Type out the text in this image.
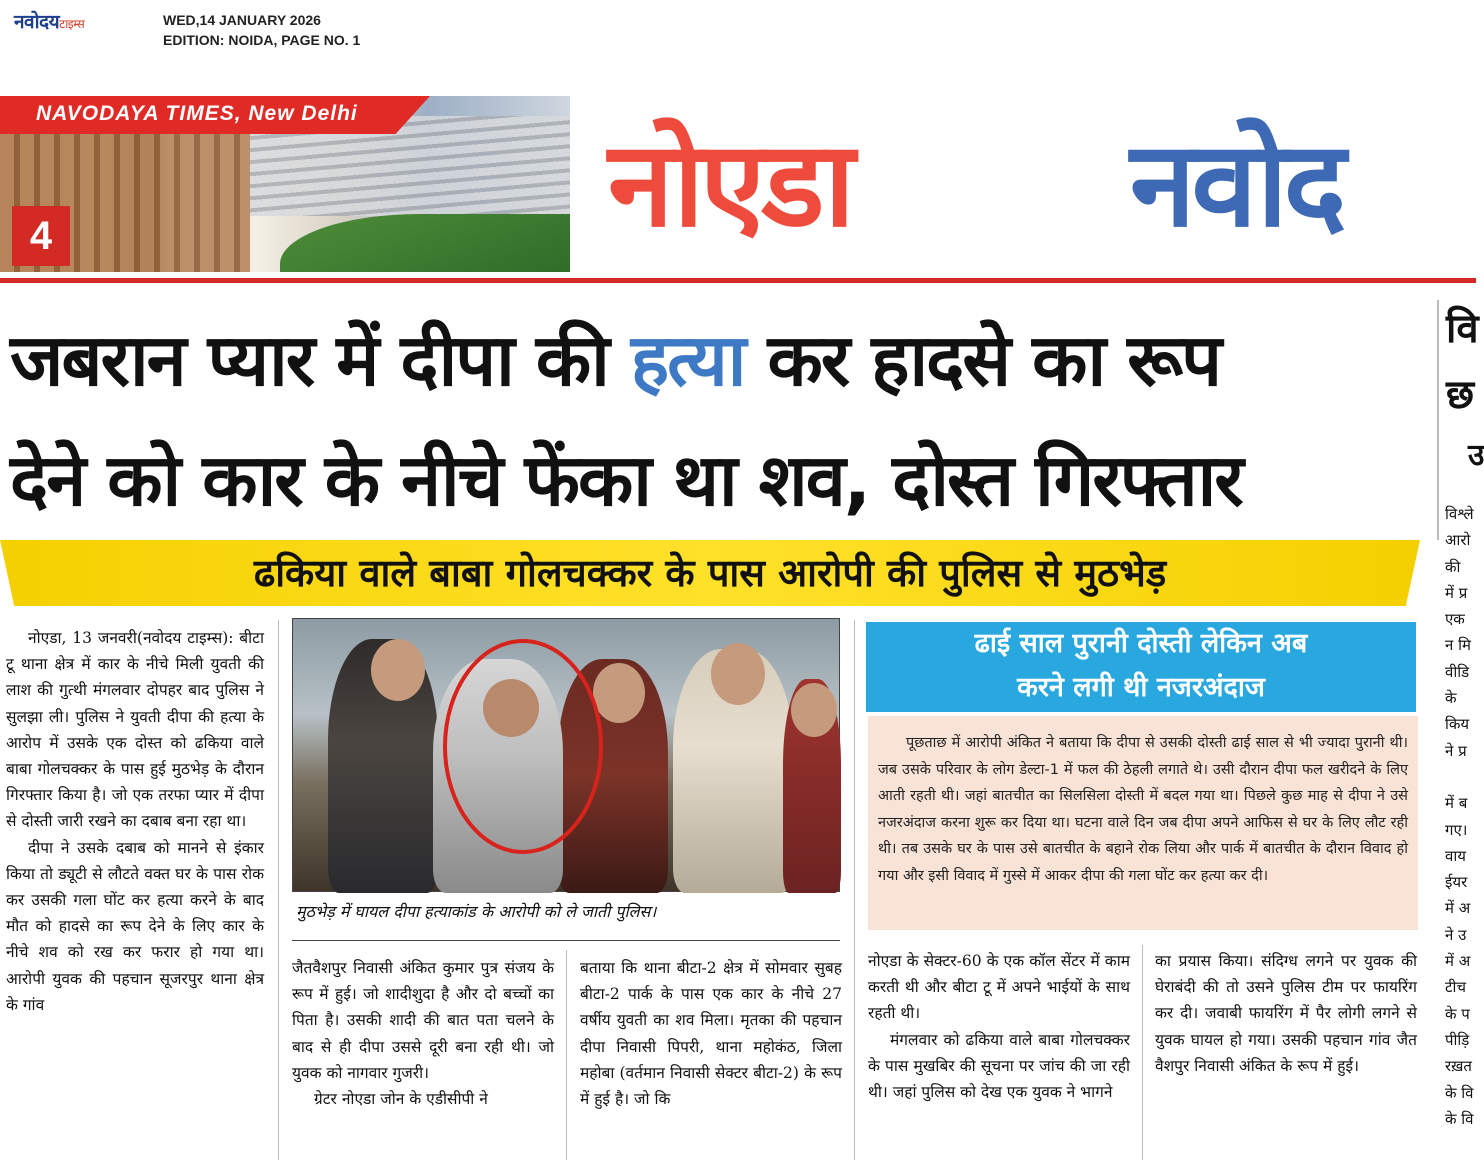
नवोदयटाइम्स	WED,14 JANUARY 2026
EDITION: NOIDA, PAGE NO. 1
NAVODAYA TIMES, New Delhi
4	नोएडा नवोद
जबरान प्यार में दीपा की हत्या कर हादसे का रूप
देने को कार के नीचे फेंका था शव, दोस्त गिरफ्तार
ढकिया वाले बाबा गोलचक्कर के पास आरोपी की पुलिस से मुठभेड़

नोएडा, 13 जनवरी(नवोदय टाइम्स): बीटा टू थाना क्षेत्र में कार के नीचे मिली युवती की लाश की गुत्थी मंगलवार दोपहर बाद पुलिस ने सुलझा ली। पुलिस ने युवती दीपा की हत्या के आरोप में उसके एक दोस्त को ढकिया वाले बाबा गोलचक्कर के पास हुई मुठभेड़ के दौरान गिरफ्तार किया है। जो एक तरफा प्यार में दीपा से दोस्ती जारी रखने का दबाब बना रहा था।

दीपा ने उसके दबाब को मानने से इंकार किया तो ड्यूटी से लौटते वक्त घर के पास रोक कर उसकी गला घोंट कर हत्या करने के बाद मौत को हादसे का रूप देने के लिए कार के नीचे शव को रख कर फरार हो गया था। आरोपी युवक की पहचान सूजरपुर थाना क्षेत्र के गांव

मुठभेड़ में घायल दीपा हत्याकांड के आरोपी को ले जाती पुलिस।

जैतवैशपुर निवासी अंकित कुमार पुत्र संजय के रूप में हुई। जो शादीशुदा है और दो बच्चों का पिता है। उसकी शादी की बात पता चलने के बाद से ही दीपा उससे दूरी बना रही थी। जो युवक को नागवार गुजरी।

ग्रेटर नोएडा जोन के एडीसीपी ने

बताया कि थाना बीटा-2 क्षेत्र में सोमवार सुबह बीटा-2 पार्क के पास एक कार के नीचे 27 वर्षीय युवती का शव मिला। मृतका की पहचान दीपा निवासी पिपरी, थाना महोकंठ, जिला महोबा (वर्तमान निवासी सेक्टर बीटा-2) के रूप में हुई है। जो कि

ढाई साल पुरानी दोस्ती लेकिन अब
करने लगी थी नजरअंदाज
पूछताछ में आरोपी अंकित ने बताया कि दीपा से उसकी दोस्ती ढाई साल से भी ज्यादा पुरानी थी। जब उसके परिवार के लोग डेल्टा-1 में फल की ठेहली लगाते थे। उसी दौरान दीपा फल खरीदने के लिए आती रहती थी। जहां बातचीत का सिलसिला दोस्ती में बदल गया था। पिछले कुछ माह से दीपा ने उसे नजरअंदाज करना शुरू कर दिया था। घटना वाले दिन जब दीपा अपने आफिस से घर के लिए लौट रही थी। तब उसके घर के पास उसे बातचीत के बहाने रोक लिया और पार्क में बातचीत के दौरान विवाद हो गया और इसी विवाद में गुस्से में आकर दीपा की गला घोंट कर हत्या कर दी।

नोएडा के सेक्टर-60 के एक कॉल सेंटर में काम करती थी और बीटा टू में अपने भाईयों के साथ रहती थी।

मंगलवार को ढकिया वाले बाबा गोलचक्कर के पास मुखबिर की सूचना पर जांच की जा रही थी। जहां पुलिस को देख एक युवक ने भागने

का प्रयास किया। संदिग्ध लगने पर युवक की घेराबंदी की तो उसने पुलिस टीम पर फायरिंग कर दी। जवाबी फायरिंग में पैर लोगी लगने से युवक घायल हो गया। उसकी पहचान गांव जैत वैशपुर निवासी अंकित के रूप में हुई।

वि
छ
उ
विश्ले
आरो
की
में प्र
एक
न मि
वीडि
के
किय
ने प्र

में ब
गए।
वाय
ईयर
में अ
ने उ
में अ
टीच
के प
पीड़ि
रख़त
के वि
के वि
